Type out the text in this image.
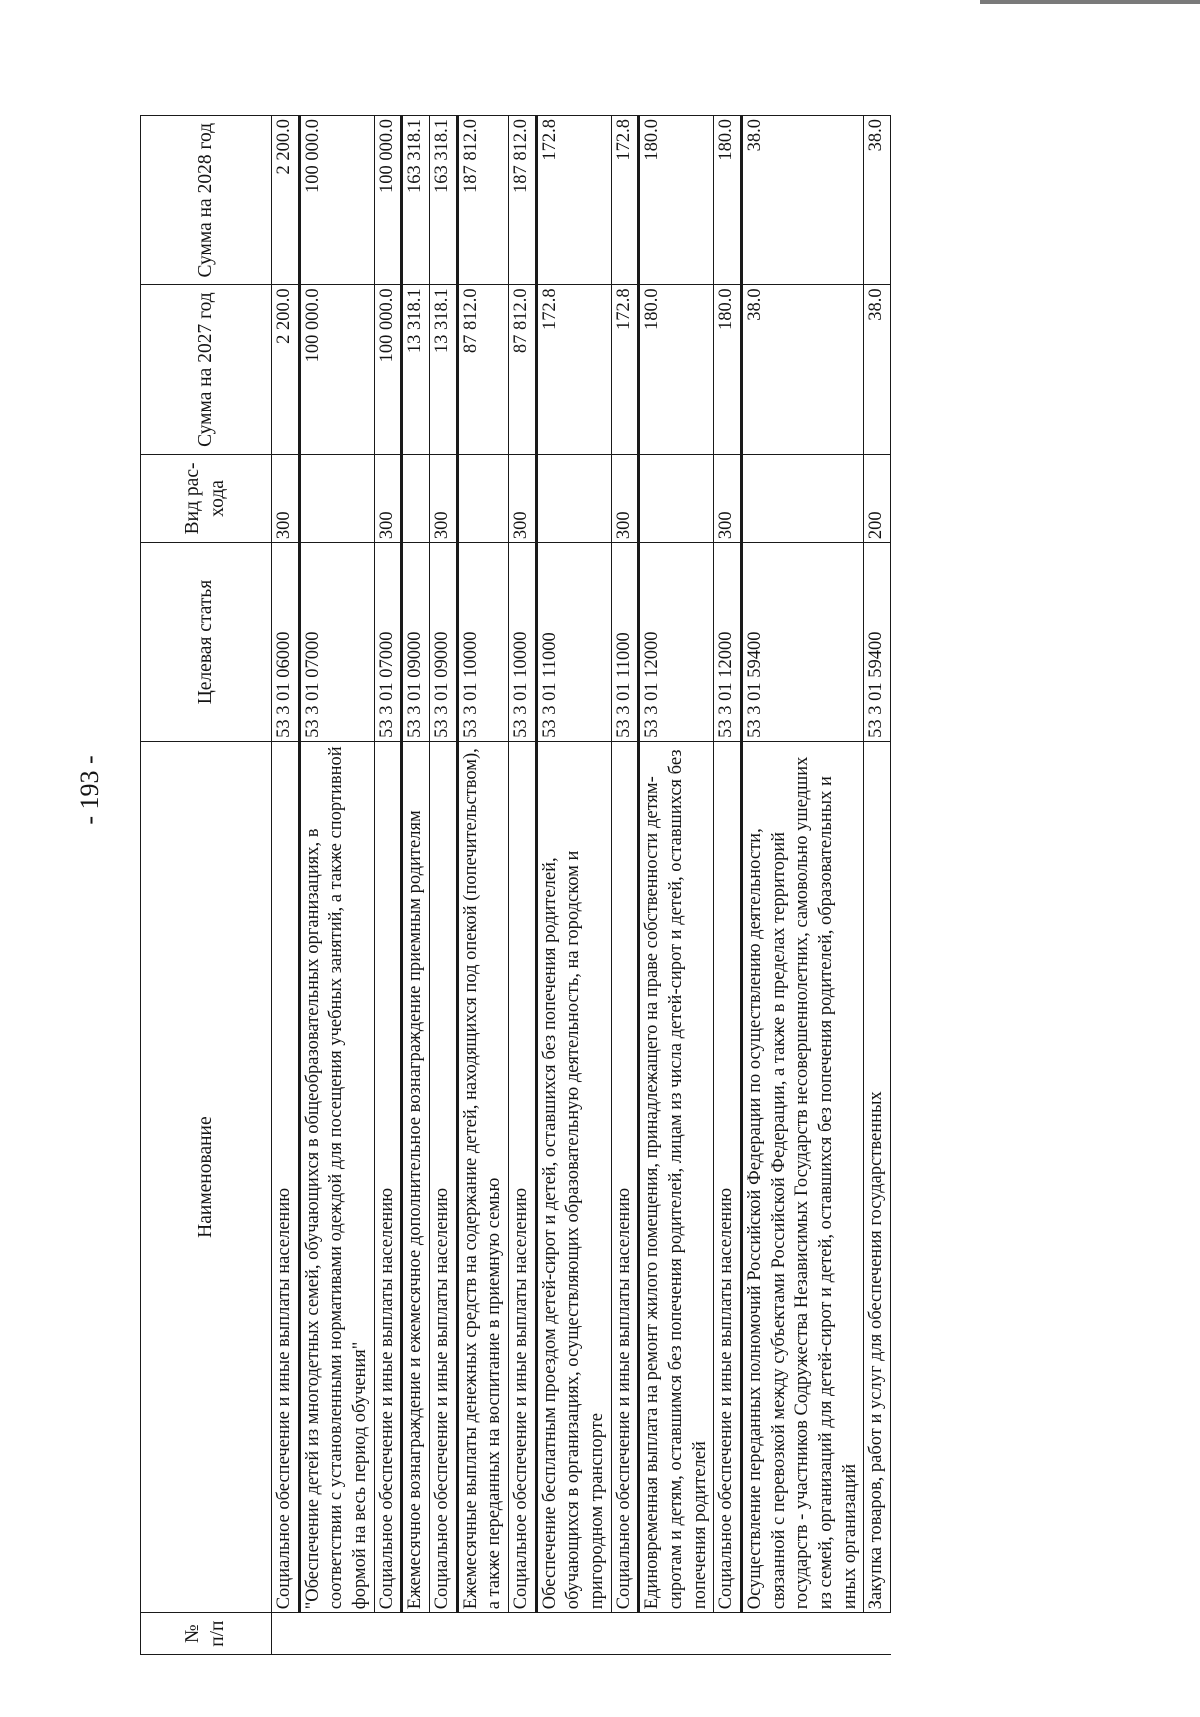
- 193 -
№ п/п	Наименование	Целевая статья	Вид рас-хода	Сумма на 2027 год	Сумма на 2028 год
	Социальное обеспечение и иные выплаты населению	53 3 01 06000	300	2 200.0	2 200.0
	"Обеспечение детей из многодетных семей, обучающихся в общеобразовательных организациях, в соответствии с установленными нормативами одеждой для посещения учебных занятий, а также спортивной формой на весь период обучения"	53 3 01 07000		100 000.0	100 000.0
	Социальное обеспечение и иные выплаты населению	53 3 01 07000	300	100 000.0	100 000.0
	Ежемесячное вознаграждение и ежемесячное дополнительное вознаграждение приемным родителям	53 3 01 09000		13 318.1	163 318.1
	Социальное обеспечение и иные выплаты населению	53 3 01 09000	300	13 318.1	163 318.1
	Ежемесячные выплаты денежных средств на содержание детей, находящихся под опекой (попечительством), а также переданных на воспитание в приемную семью	53 3 01 10000		87 812.0	187 812.0
	Социальное обеспечение и иные выплаты населению	53 3 01 10000	300	87 812.0	187 812.0
	Обеспечение бесплатным проездом детей-сирот и детей, оставшихся без попечения родителей, обучающихся в организациях, осуществляющих образовательную деятельность, на городском и пригородном транспорте	53 3 01 11000		172.8	172.8
	Социальное обеспечение и иные выплаты населению	53 3 01 11000	300	172.8	172.8
	Единовременная выплата на ремонт жилого помещения, принадлежащего на праве собственности детям-сиротам и детям, оставшимся без попечения родителей, лицам из числа детей-сирот и детей, оставшихся без попечения родителей	53 3 01 12000		180.0	180.0
	Социальное обеспечение и иные выплаты населению	53 3 01 12000	300	180.0	180.0
	Осуществление переданных полномочий Российской Федерации по осуществлению деятельности, связанной с перевозкой между субъектами Российской Федерации, а также в пределах территорий государств - участников Содружества Независимых Государств несовершеннолетних, самовольно ушедших из семей, организаций для детей-сирот и детей, оставшихся без попечения родителей, образовательных и иных организаций	53 3 01 59400		38.0	38.0
	Закупка товаров, работ и услуг для обеспечения государственных	53 3 01 59400	200	38.0	38.0
